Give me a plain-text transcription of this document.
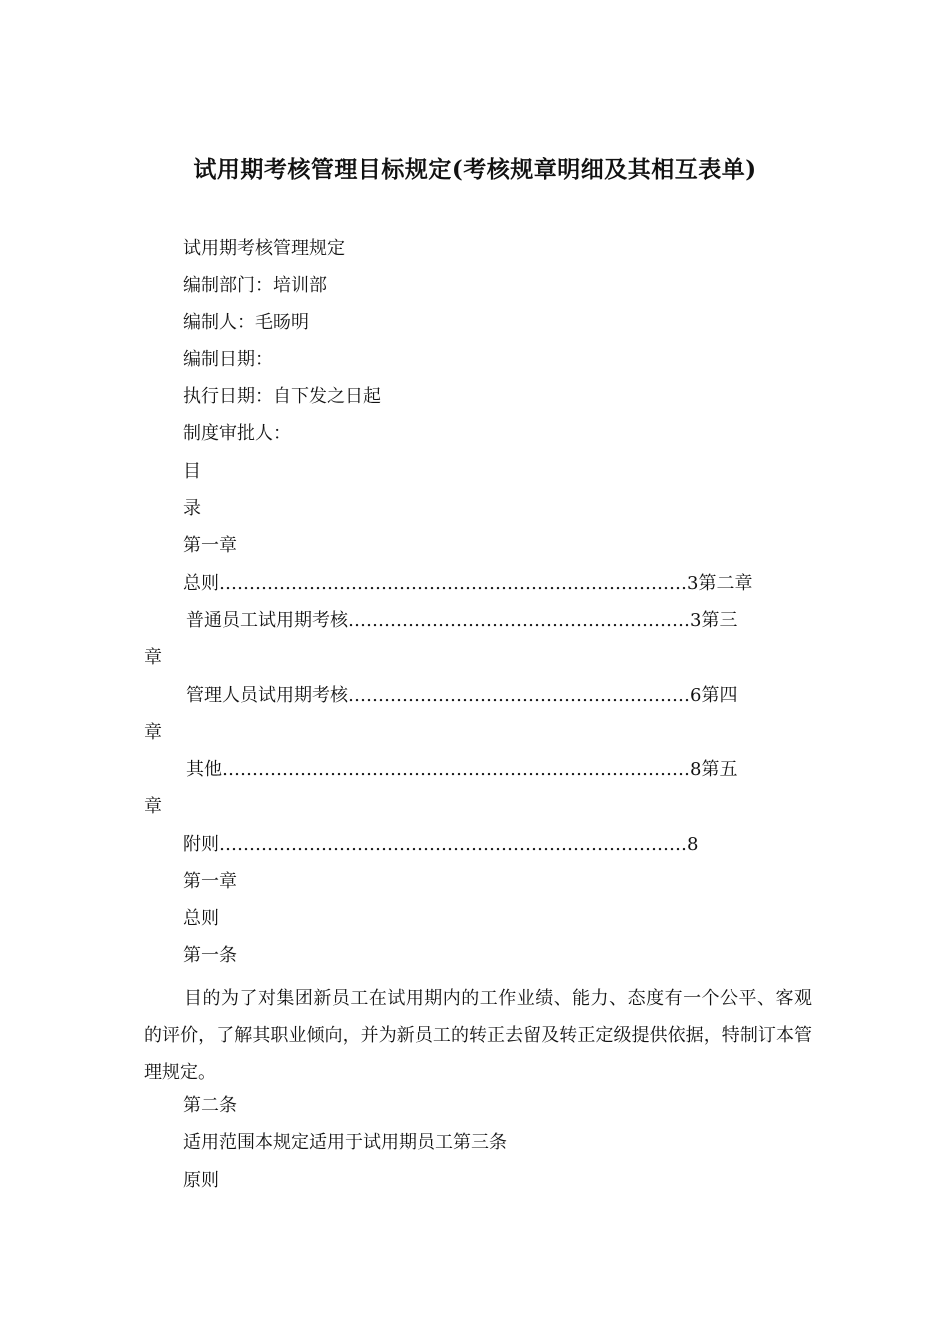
试用期考核管理目标规定(考核规章明细及其相互表单)
试用期考核管理规定
编制部门：培训部
编制人：毛旸明
编制日期：
执行日期：自下发之日起
制度审批人：
目
录
第一章
总则……………………………………………………………………3第二章
普通员工试用期考核…………………………………………………3第三
章
管理人员试用期考核…………………………………………………6第四
章
其他……………………………………………………………………8第五
章
附则……………………………………………………………………8
第一章
总则
第一条
目的为了对集团新员工在试用期内的工作业绩、能力、态度有一个公平、客观的评价，了解其职业倾向，并为新员工的转正去留及转正定级提供依据，特制订本管理规定。
第二条
适用范围本规定适用于试用期员工第三条
原则
